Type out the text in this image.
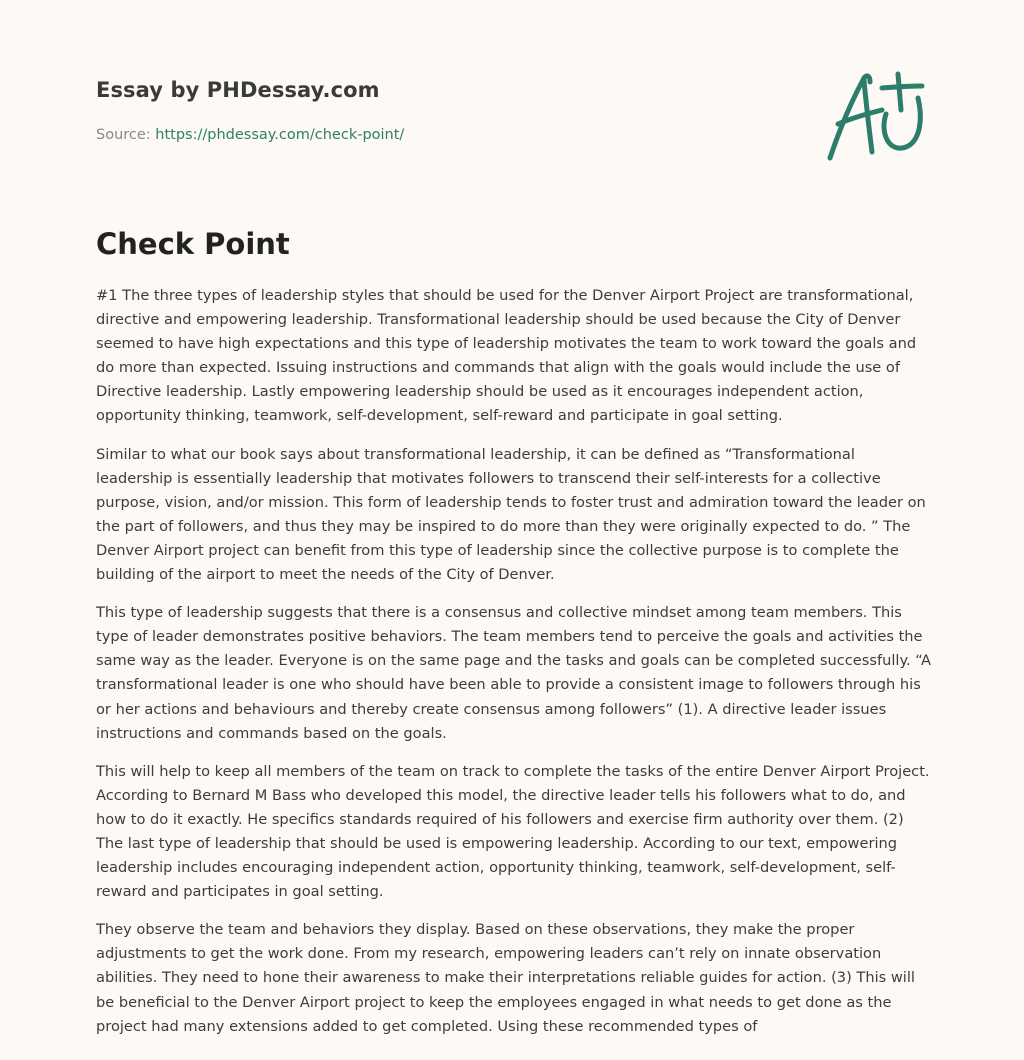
Essay by PHDessay.com
Source: https://phdessay.com/check-point/
Check Point

#1 The three types of leadership styles that should be used for the Denver Airport Project are transformational, directive and empowering leadership. Transformational leadership should be used because the City of Denver seemed to have high expectations and this type of leadership motivates the team to work toward the goals and do more than expected. Issuing instructions and commands that align with the goals would include the use of Directive leadership. Lastly empowering leadership should be used as it encourages independent action, opportunity thinking, teamwork, self-development, self-reward and participate in goal setting.

Similar to what our book says about transformational leadership, it can be defined as “Transformational leadership is essentially leadership that motivates followers to transcend their self-interests for a collective purpose, vision, and/or mission. This form of leadership tends to foster trust and admiration toward the leader on the part of followers, and thus they may be inspired to do more than they were originally expected to do. ” The Denver Airport project can benefit from this type of leadership since the collective purpose is to complete the building of the airport to meet the needs of the City of Denver.

This type of leadership suggests that there is a consensus and collective mindset among team members. This type of leader demonstrates positive behaviors. The team members tend to perceive the goals and activities the same way as the leader. Everyone is on the same page and the tasks and goals can be completed successfully. “A transformational leader is one who should have been able to provide a consistent image to followers through his or her actions and behaviours and thereby create consensus among followers” (1). A directive leader issues instructions and commands based on the goals.

This will help to keep all members of the team on track to complete the tasks of the entire Denver Airport Project. According to Bernard M Bass who developed this model, the directive leader tells his followers what to do, and how to do it exactly. He specifics standards required of his followers and exercise firm authority over them. (2) The last type of leadership that should be used is empowering leadership. According to our text, empowering leadership includes encouraging independent action, opportunity thinking, teamwork, self-development, self-reward and participates in goal setting.

They observe the team and behaviors they display. Based on these observations, they make the proper adjustments to get the work done. From my research, empowering leaders can’t rely on innate observation abilities. They need to hone their awareness to make their interpretations reliable guides for action. (3) This will be beneficial to the Denver Airport project to keep the employees engaged in what needs to get done as the project had many extensions added to get completed. Using these recommended types of
